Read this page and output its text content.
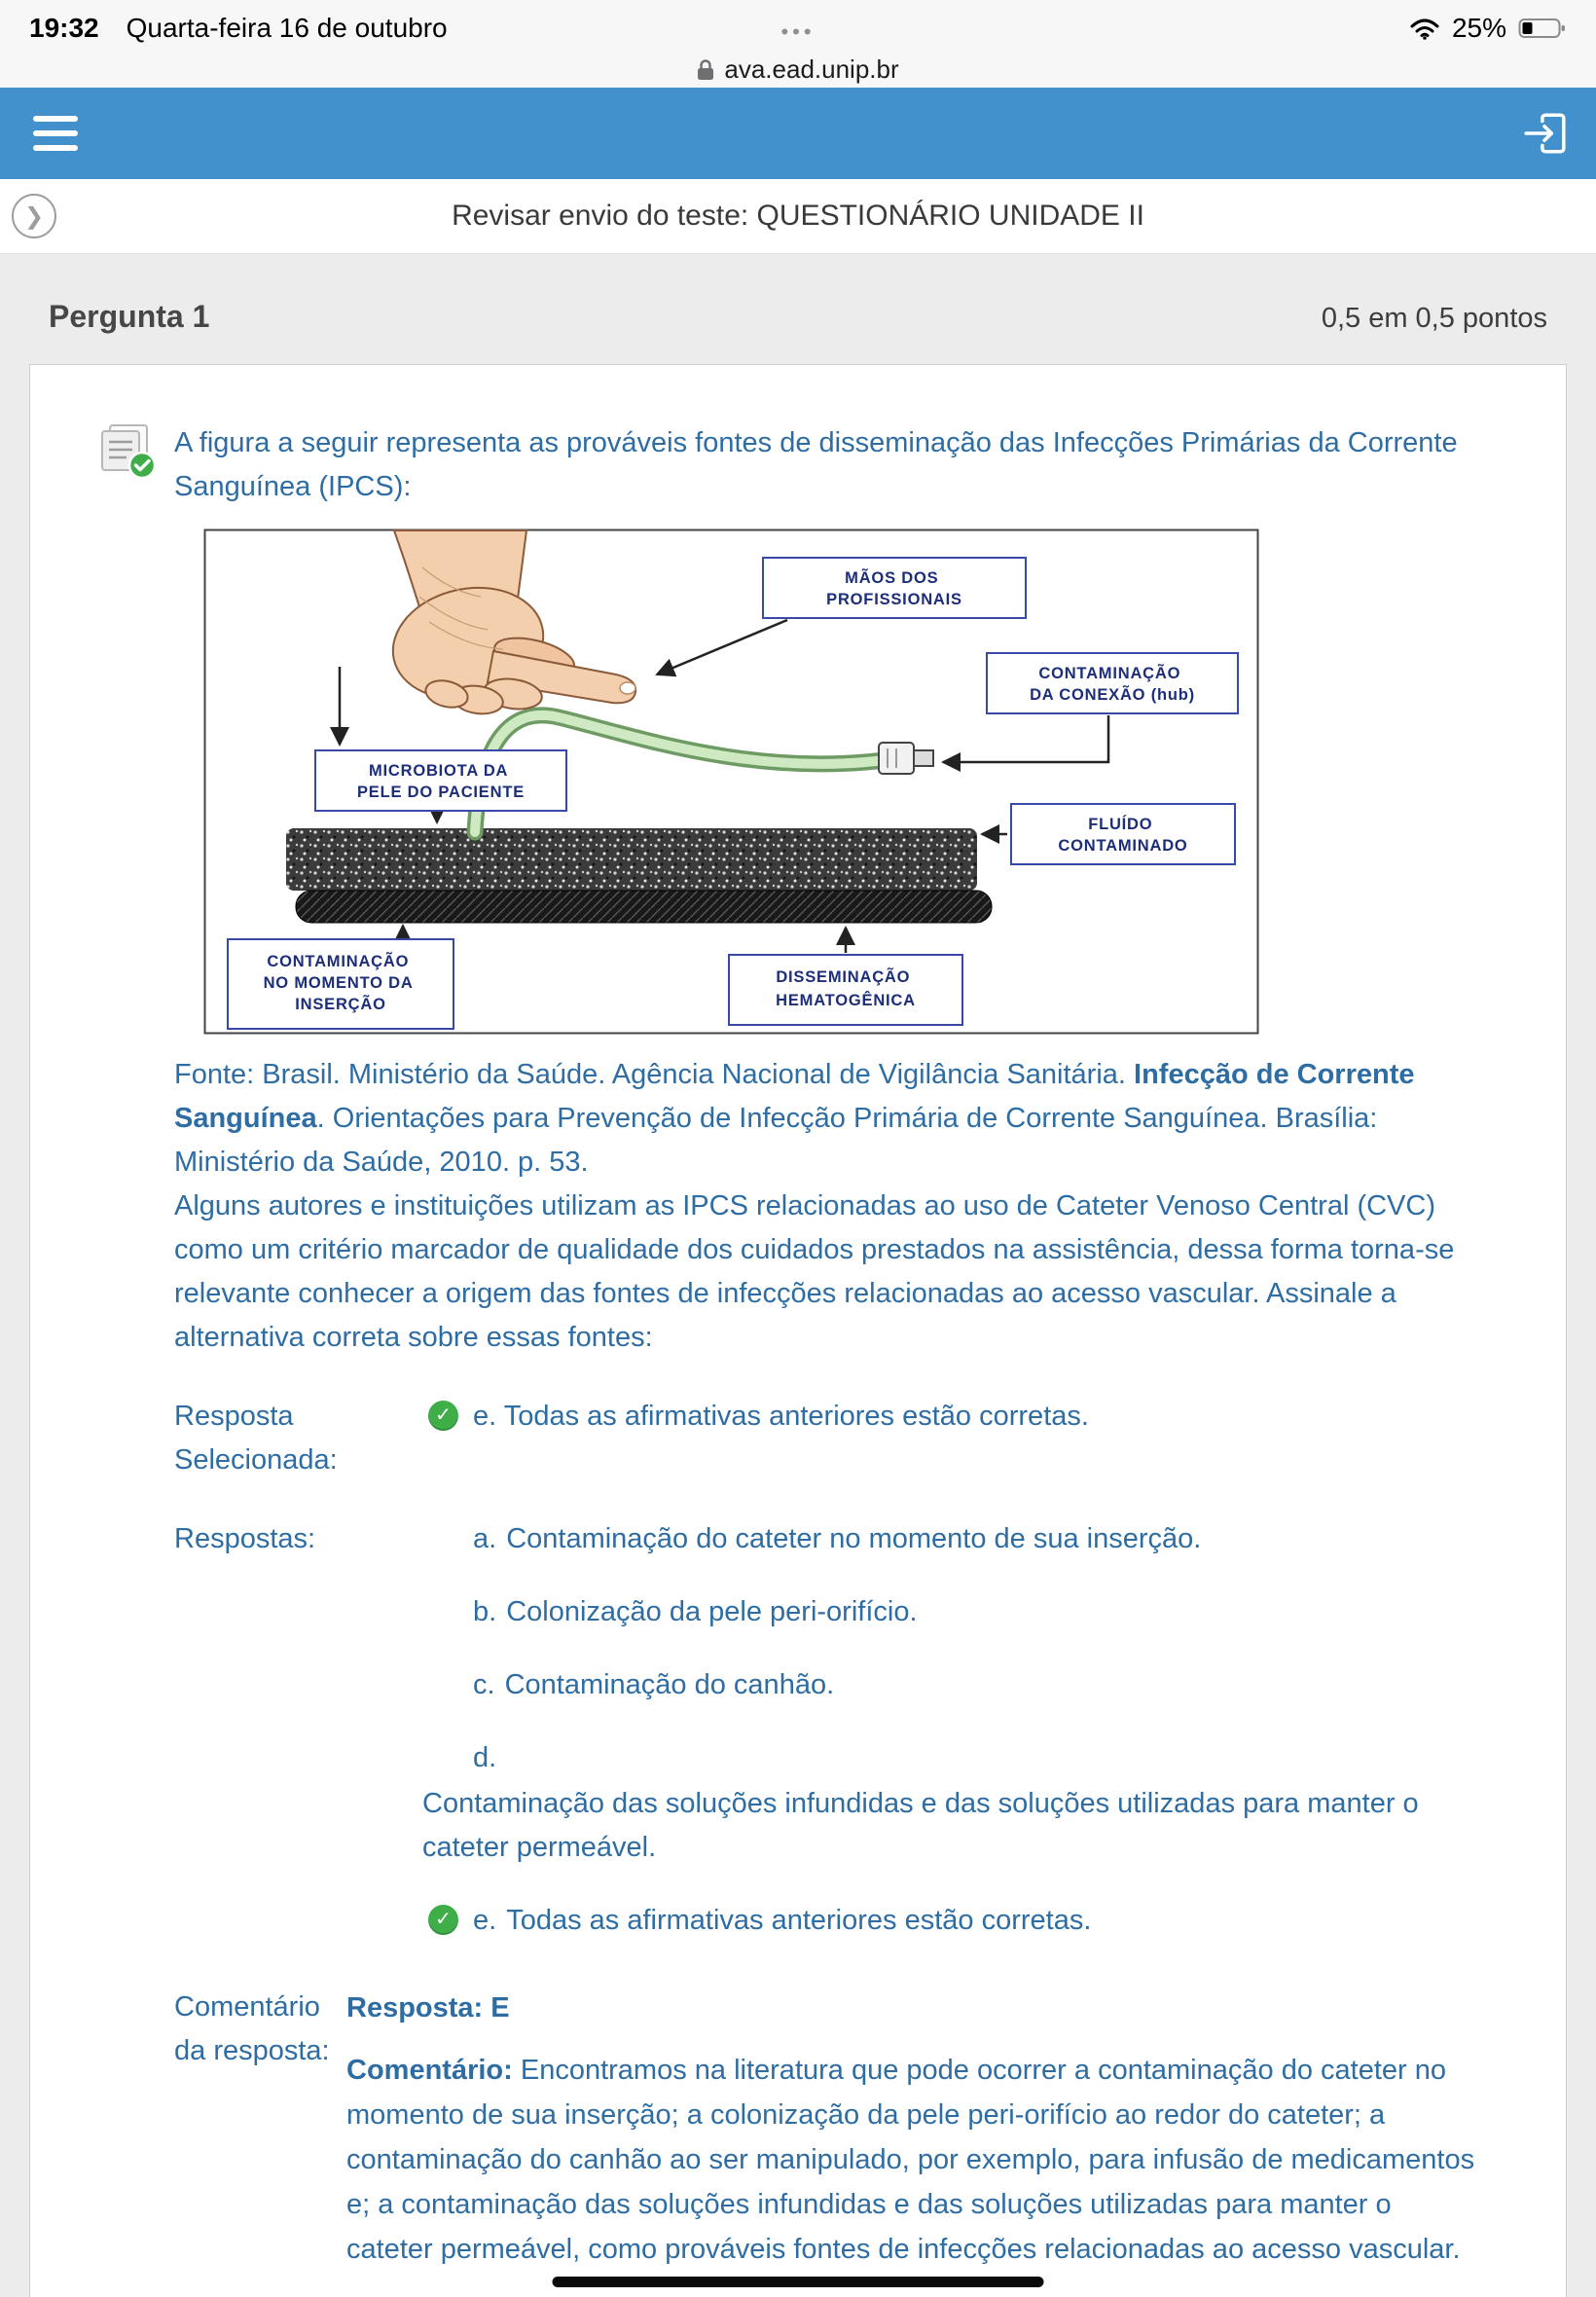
19:32 Quarta-feira 16 de outubro	•••	25%
ava.ead.unip.br
❯	Revisar envio do teste: QUESTIONÁRIO UNIDADE II
Pergunta 1	0,5 em 0,5 pontos

A figura a seguir representa as prováveis fontes de disseminação das Infecções Primárias da Corrente Sanguínea (IPCS):

MÃOS DOS PROFISSIONAIS
CONTAMINAÇÃO DA CONEXÃO (hub)
MICROBIOTA DA PELE DO PACIENTE
FLUÍDO CONTAMINADO
CONTAMINAÇÃO NO MOMENTO DA INSERÇÃO
DISSEMINAÇÃO HEMATOGÊNICA

Fonte: Brasil. Ministério da Saúde. Agência Nacional de Vigilância Sanitária. Infecção de Corrente Sanguínea. Orientações para Prevenção de Infecção Primária de Corrente Sanguínea. Brasília: Ministério da Saúde, 2010. p. 53.

Alguns autores e instituições utilizam as IPCS relacionadas ao uso de Cateter Venoso Central (CVC) como um critério marcador de qualidade dos cuidados prestados na assistência, dessa forma torna-se relevante conhecer a origem das fontes de infecções relacionadas ao acesso vascular. Assinale a alternativa correta sobre essas fontes:

Resposta Selecionada:
✓ e. Todas as afirmativas anteriores estão corretas.
Respostas:	a. Contaminação do cateter no momento de sua inserção.
b. Colonização da pele peri-orifício.
c. Contaminação do canhão.
d.
Contaminação das soluções infundidas e das soluções utilizadas para manter o cateter permeável.
✓ e. Todas as afirmativas anteriores estão corretas.
Comentário da resposta:

Resposta: E

Comentário: Encontramos na literatura que pode ocorrer a contaminação do cateter no momento de sua inserção; a colonização da pele peri-orifício ao redor do cateter; a contaminação do canhão ao ser manipulado, por exemplo, para infusão de medicamentos e; a contaminação das soluções infundidas e das soluções utilizadas para manter o cateter permeável, como prováveis fontes de infecções relacionadas ao acesso vascular.
